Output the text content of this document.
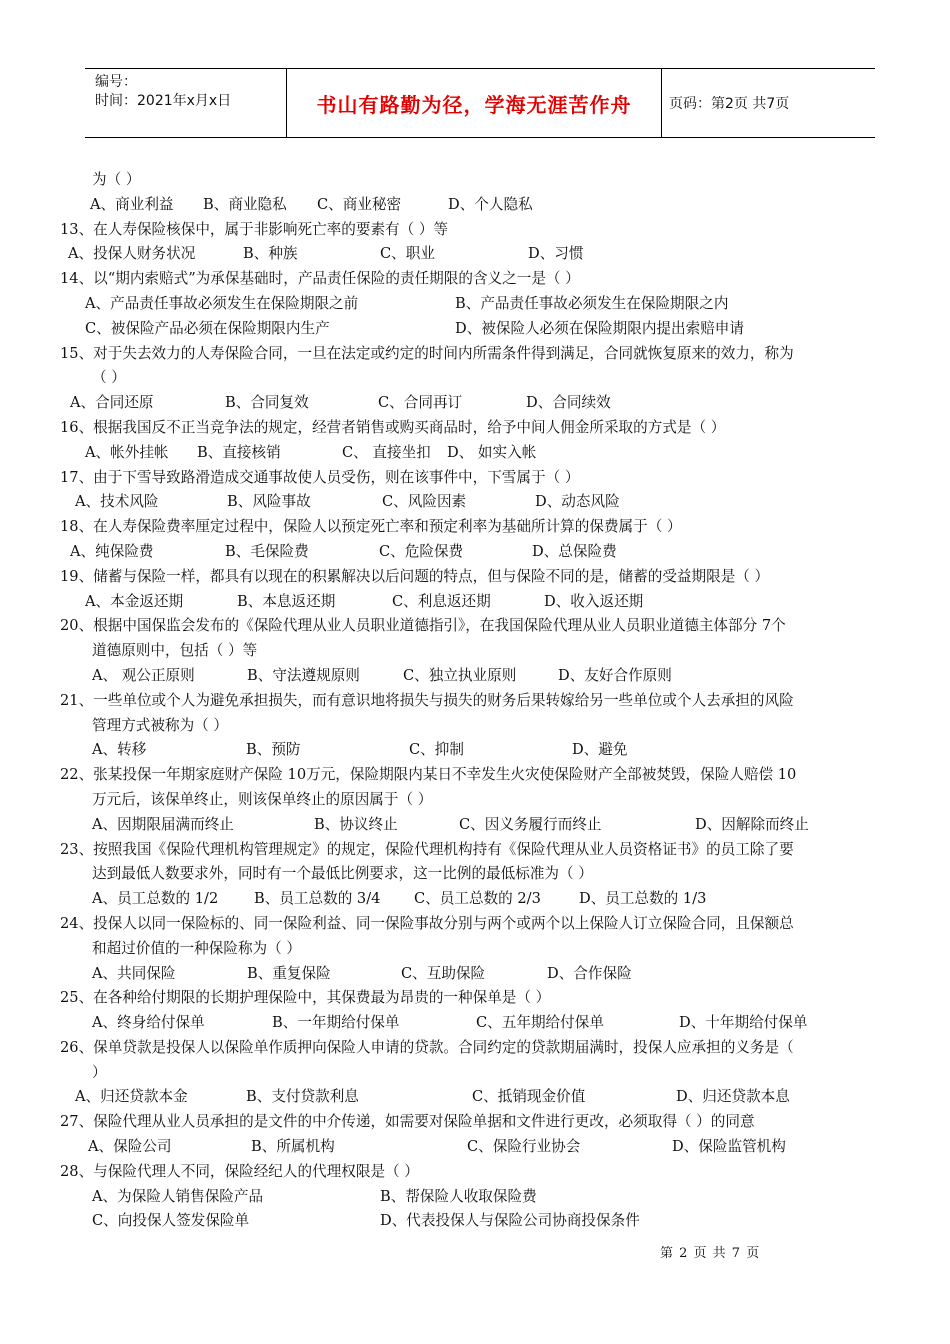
编号：
时间：2021年x月x日	书山有路勤为径，学海无涯苦作舟	页码：第2页 共7页
为（ ）
A、商业利益	B、商业隐私	C、商业秘密	D、个人隐私
13、 在人寿保险核保中，属于非影响死亡率的要素有（ ）等
A、投保人财务状况	B、种族	C、职业	D、习惯
14、 以“期内索赔式”为承保基础时，产品责任保险的责任期限的含义之一是（ ）
A、产品责任事故必须发生在保险期限之前	B、产品责任事故必须发生在保险期限之内
C、被保险产品必须在保险期限内生产	D、被保险人必须在保险期限内提出索赔申请
15、 对于失去效力的人寿保险合同，一旦在法定或约定的时间内所需条件得到满足，合同就恢复原来的效力，称为
（ ）
A、合同还原	B、合同复效	C、合同再订	D、合同续效
16、 根据我国反不正当竞争法的规定，经营者销售或购买商品时，给予中间人佣金所采取的方式是（ ）
A、帐外挂帐	B、直接核销	C、 直接坐扣	D、 如实入帐
17、 由于下雪导致路滑造成交通事故使人员受伤，则在该事件中，下雪属于（ ）
A、技术风险	B、风险事故	C、风险因素	D、动态风险
18、 在人寿保险费率厘定过程中，保险人以预定死亡率和预定利率为基础所计算的保费属于（ ）
A、纯保险费	B、毛保险费	C、危险保费	D、总保险费
19、 储蓄与保险一样，都具有以现在的积累解决以后问题的特点，但与保险不同的是，储蓄的受益期限是（ ）
A、本金返还期	B、本息返还期	C、利息返还期	D、收入返还期
20、 根据中国保监会发布的《保险代理从业人员职业道德指引》，在我国保险代理从业人员职业道德主体部分 7个
道德原则中，包括（ ）等
A、 观公正原则	B、守法遵规原则	C、独立执业原则	D、友好合作原则
21、 一些单位或个人为避免承担损失，而有意识地将损失与损失的财务后果转嫁给另一些单位或个人去承担的风险
管理方式被称为（ ）
A、转移	B、预防	C、抑制	D、避免
22、 张某投保一年期家庭财产保险 10万元，保险期限内某日不幸发生火灾使保险财产全部被焚毁，保险人赔偿 10
万元后，该保单终止，则该保单终止的原因属于（ ）
A、因期限届满而终止	B、协议终止	C、因义务履行而终止	D、因解除而终止
23、 按照我国《保险代理机构管理规定》的规定，保险代理机构持有《保险代理从业人员资格证书》的员工除了要
达到最低人数要求外，同时有一个最低比例要求，这一比例的最低标准为（ ）
A、员工总数的 1/2	B、员工总数的 3/4	C、员工总数的 2/3	D、员工总数的 1/3
24、 投保人以同一保险标的、同一保险利益、同一保险事故分别与两个或两个以上保险人订立保险合同，且保额总
和超过价值的一种保险称为（ ）
A、共同保险	B、重复保险	C、互助保险	D、合作保险
25、 在各种给付期限的长期护理保险中，其保费最为昂贵的一种保单是（ ）
A、终身给付保单	B、一年期给付保单	C、五年期给付保单	D、十年期给付保单
26、 保单贷款是投保人以保险单作质押向保险人申请的贷款。合同约定的贷款期届满时，投保人应承担的义务是（
）
A、归还贷款本金	B、支付贷款利息	C、抵销现金价值	D、归还贷款本息
27、 保险代理从业人员承担的是文件的中介传递，如需要对保险单据和文件进行更改，必须取得（ ）的同意
A、保险公司	B、所属机构	C、保险行业协会	D、保险监管机构
28、 与保险代理人不同，保险经纪人的代理权限是（ ）
A、为保险人销售保险产品	B、帮保险人收取保险费
C、向投保人签发保险单	D、代表投保人与保险公司协商投保条件
第 2 页 共 7 页
